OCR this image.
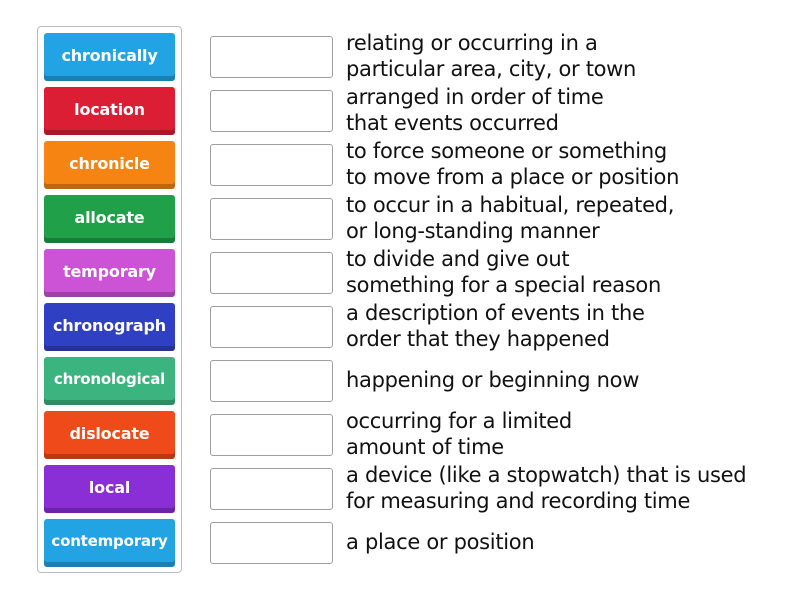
chronically
location
chronicle
allocate
temporary
chronograph
chronological
dislocate
local
contemporary
relating or occurring in a
particular area, city, or town
arranged in order of time
that events occurred
to force someone or something
to move from a place or position
to occur in a habitual, repeated,
or long-standing manner
to divide and give out
something for a special reason
a description of events in the
order that they happened
happening or beginning now
occurring for a limited
amount of time
a device (like a stopwatch) that is used
for measuring and recording time
a place or position
